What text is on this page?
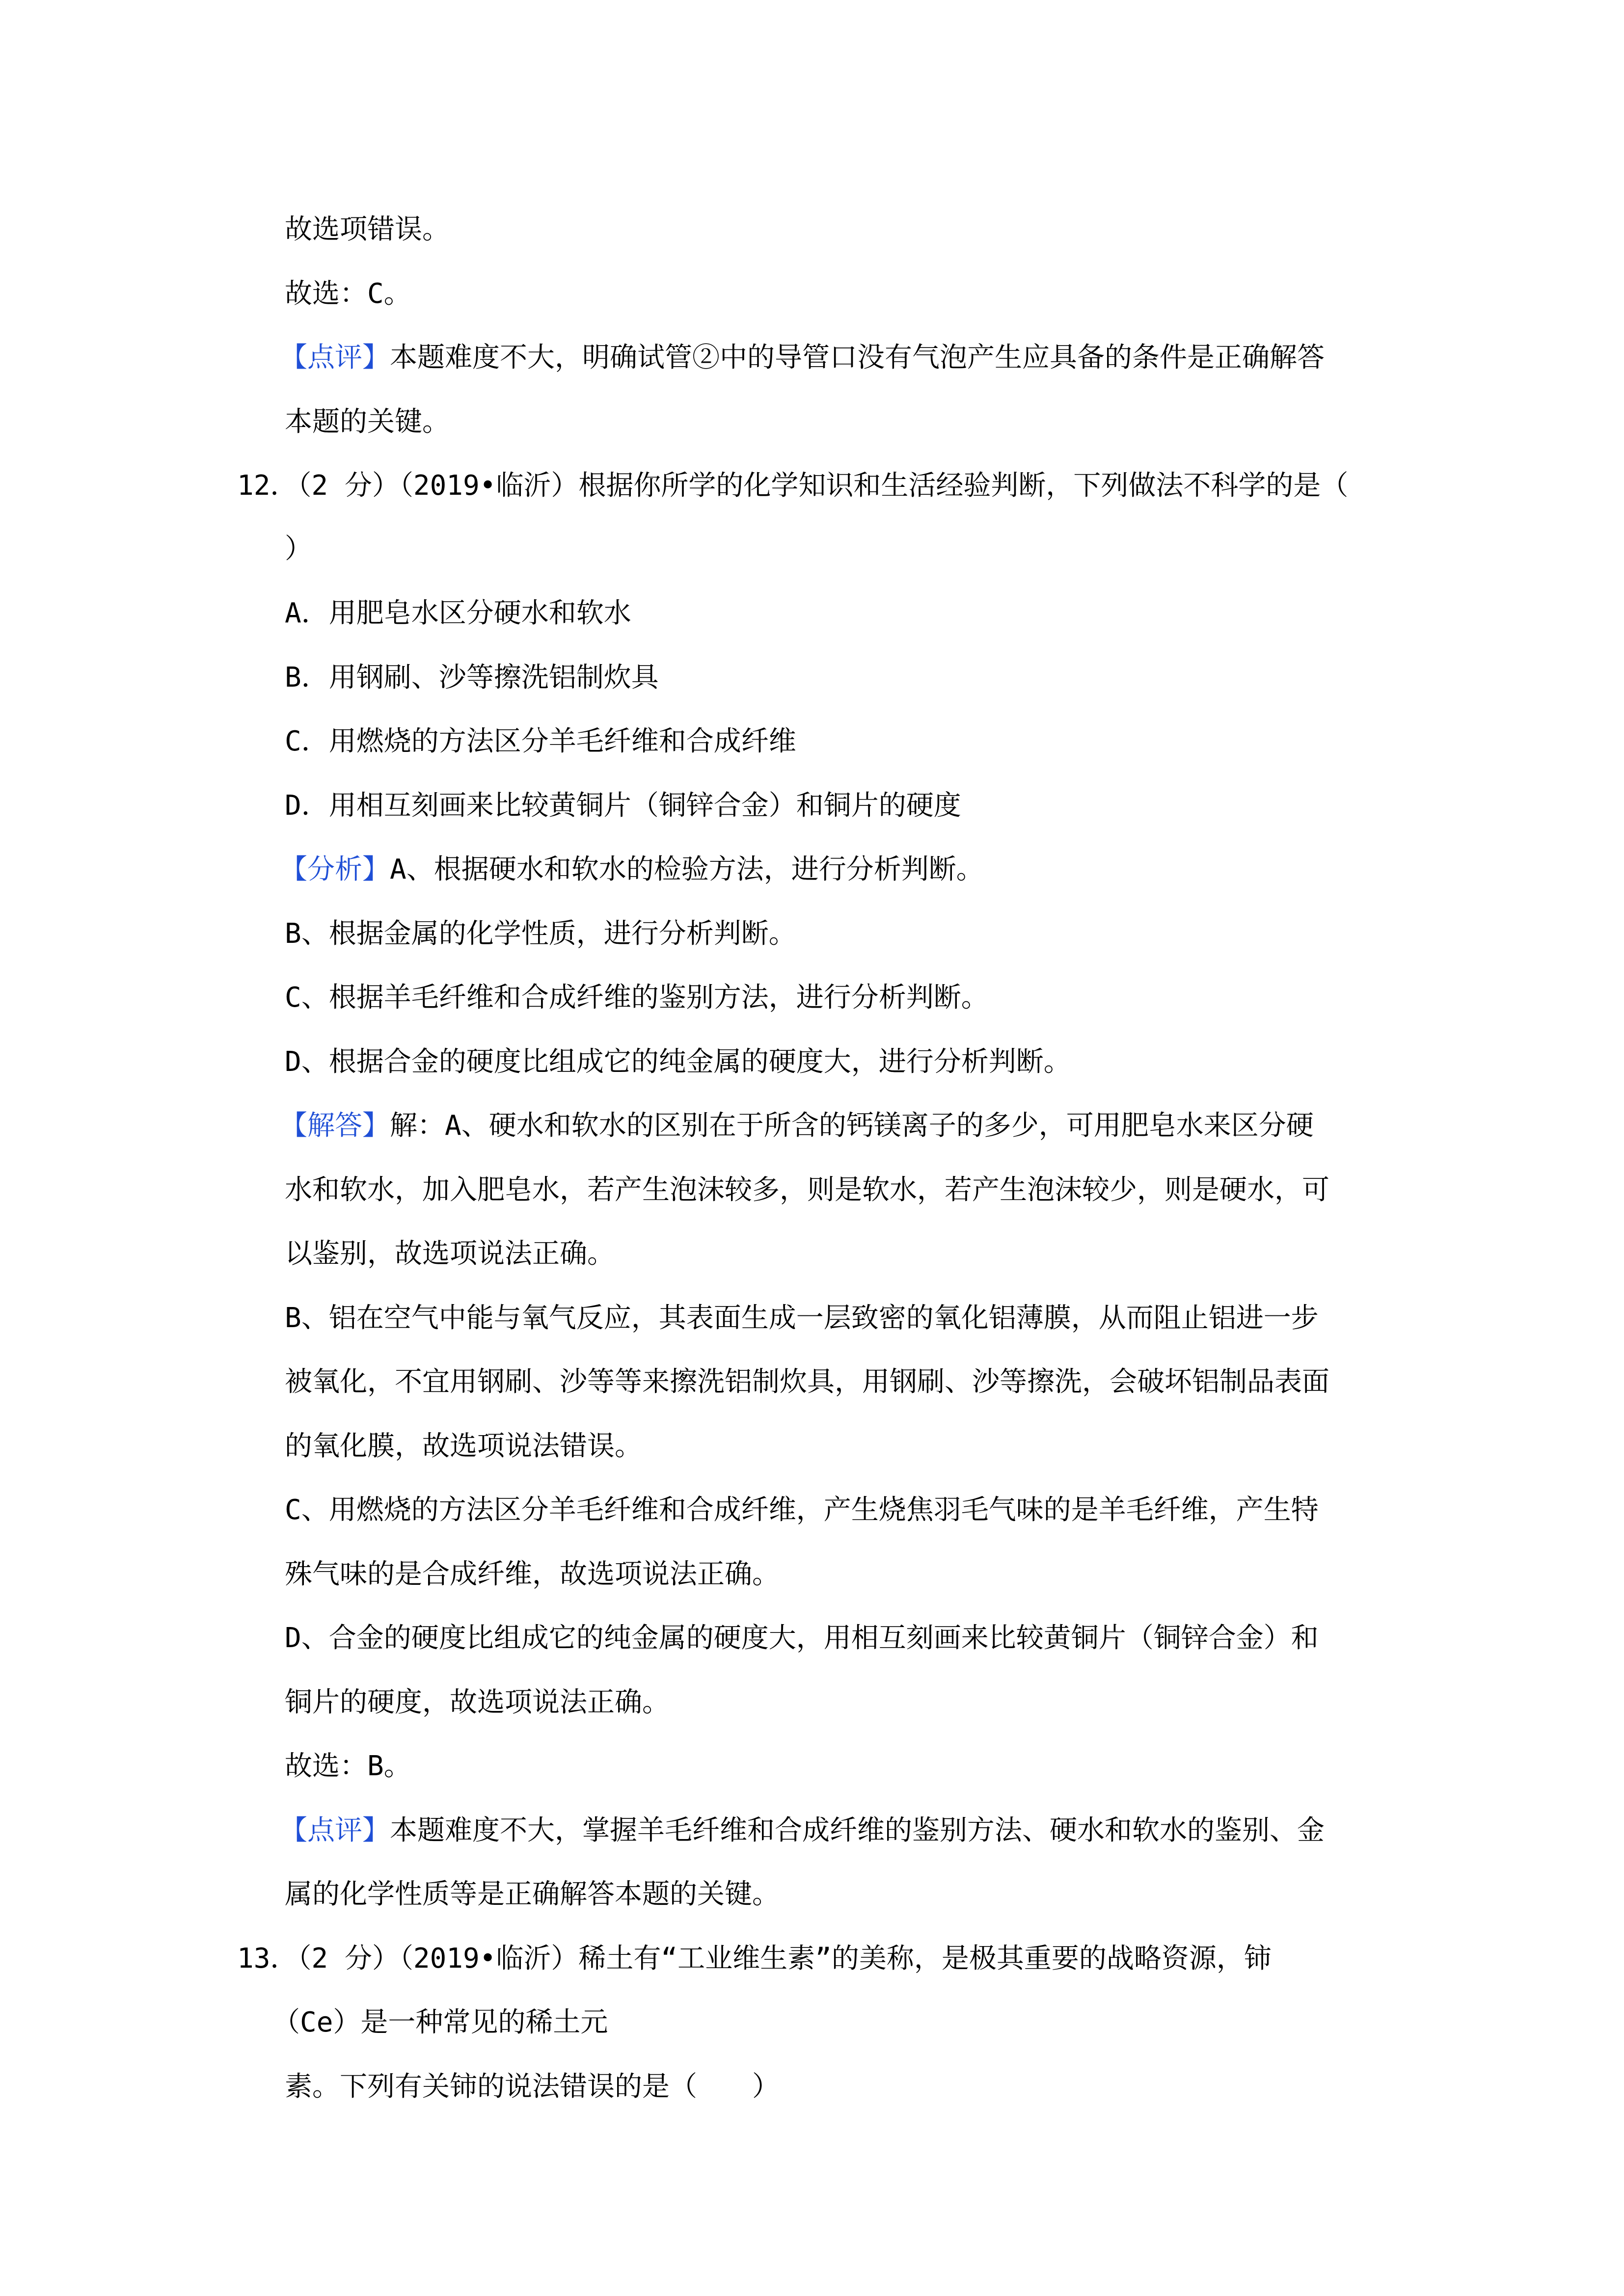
故选项错误。
故选：C。
【点评】本题难度不大，明确试管②中的导管口没有气泡产生应具备的条件是正确解答
本题的关键。
12．（2 分）（2019•临沂）根据你所学的化学知识和生活经验判断，下列做法不科学的是（
）
A．用肥皂水区分硬水和软水
B．用钢刷、沙等擦洗铝制炊具
C．用燃烧的方法区分羊毛纤维和合成纤维
D．用相互刻画来比较黄铜片（铜锌合金）和铜片的硬度
【分析】A、根据硬水和软水的检验方法，进行分析判断。
B、根据金属的化学性质，进行分析判断。
C、根据羊毛纤维和合成纤维的鉴别方法，进行分析判断。
D、根据合金的硬度比组成它的纯金属的硬度大，进行分析判断。
【解答】解：A、硬水和软水的区别在于所含的钙镁离子的多少，可用肥皂水来区分硬
水和软水，加入肥皂水，若产生泡沫较多，则是软水，若产生泡沫较少，则是硬水，可
以鉴别，故选项说法正确。
B、铝在空气中能与氧气反应，其表面生成一层致密的氧化铝薄膜，从而阻止铝进一步
被氧化，不宜用钢刷、沙等等来擦洗铝制炊具，用钢刷、沙等擦洗，会破坏铝制品表面
的氧化膜，故选项说法错误。
C、用燃烧的方法区分羊毛纤维和合成纤维，产生烧焦羽毛气味的是羊毛纤维，产生特
殊气味的是合成纤维，故选项说法正确。
D、合金的硬度比组成它的纯金属的硬度大，用相互刻画来比较黄铜片（铜锌合金）和
铜片的硬度，故选项说法正确。
故选：B。
【点评】本题难度不大，掌握羊毛纤维和合成纤维的鉴别方法、硬水和软水的鉴别、金
属的化学性质等是正确解答本题的关键。
13．（2 分）（2019•临沂）稀土有“工业维生素”的美称，是极其重要的战略资源，铈
（Ce）是一种常见的稀土元
素。下列有关铈的说法错误的是（　　）
